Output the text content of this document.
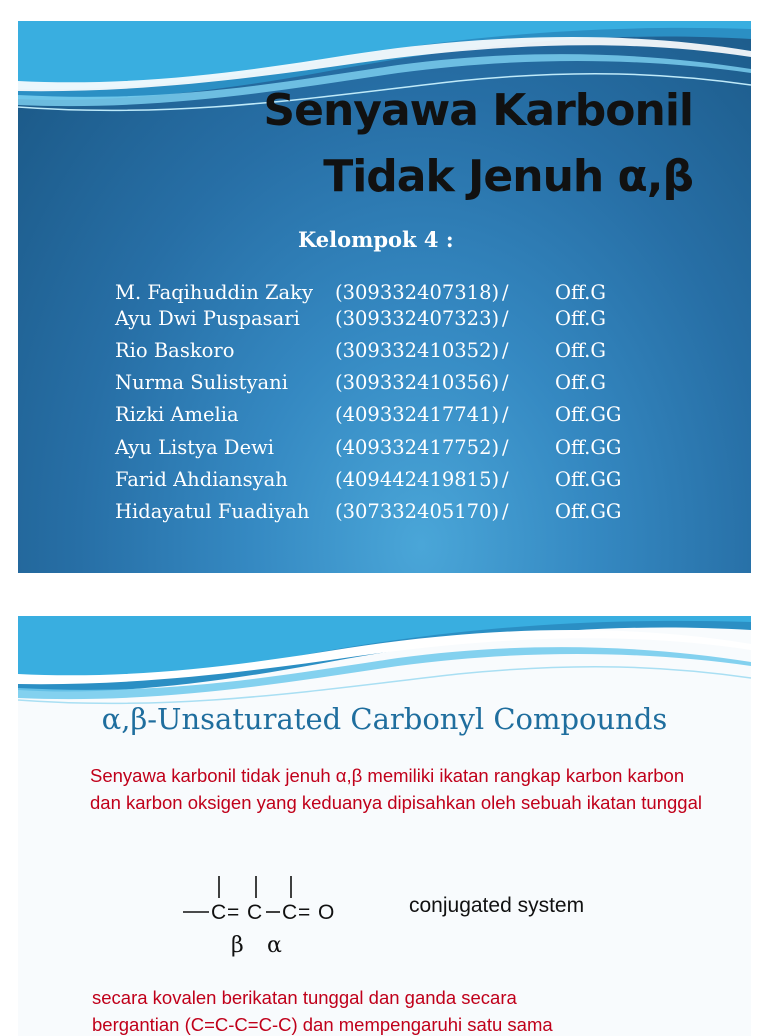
Senyawa Karbonil
Tidak Jenuh α,β
Kelompok 4 :
M. Faqihuddin Zaky (309332407318) / Off.G
Ayu Dwi Puspasari (309332407323) / Off.G
Rio Baskoro	(309332410352) / Off.G
Nurma Sulistyani (309332410356) / Off.G
Rizki Amelia	(409332417741) / Off.GG
Ayu Listya Dewi	(409332417752) / Off.GG
Farid Ahdiansyah (409442419815) / Off.GG
Hidayatul Fuadiyah (307332405170) / Off.GG
α,β-Unsaturated Carbonyl Compounds
Senyawa karbonil tidak jenuh α,β memiliki ikatan rangkap karbon karbon dan karbon oksigen yang keduanya dipisahkan oleh sebuah ikatan tunggal
C = C C = O
β α
conjugated system
secara kovalen berikatan tunggal dan ganda secara
bergantian (C=C-C=C-C) dan mempengaruhi satu sama
